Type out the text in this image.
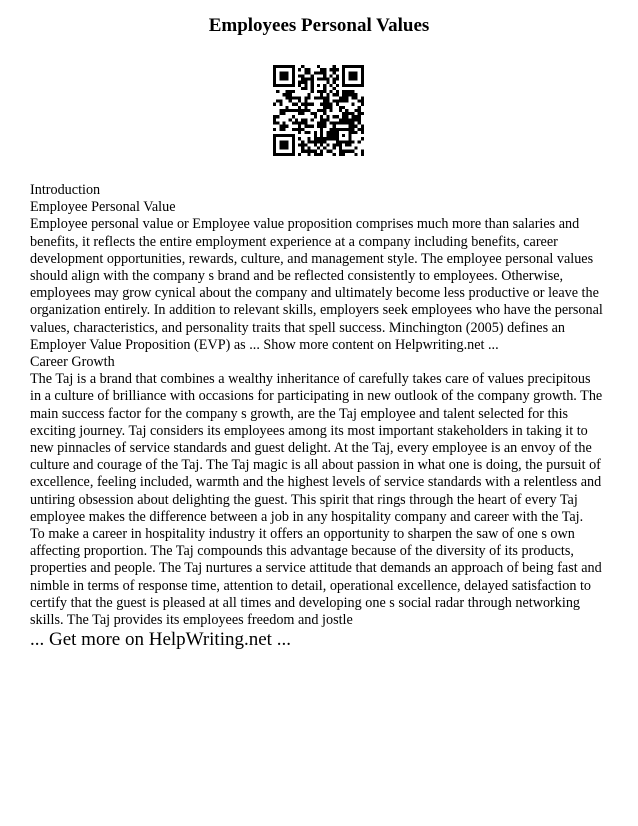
Employees Personal Values

Introduction

Employee Personal Value

Employee personal value or Employee value proposition comprises much more than salaries and benefits, it reflects the entire employment experience at a company including benefits, career development opportunities, rewards, culture, and management style. The employee personal values should align with the company s brand and be reflected consistently to employees. Otherwise, employees may grow cynical about the company and ultimately become less productive or leave the organization entirely. In addition to relevant skills, employers seek employees who have the personal values, characteristics, and personality traits that spell success. Minchington (2005) defines an Employer Value Proposition (EVP) as ... Show more content on Helpwriting.net ...

Career Growth

The Taj is a brand that combines a wealthy inheritance of carefully takes care of values precipitous in a culture of brilliance with occasions for participating in new outlook of the company growth. The main success factor for the company s growth, are the Taj employee and talent selected for this exciting journey. Taj considers its employees among its most important stakeholders in taking it to new pinnacles of service standards and guest delight. At the Taj, every employee is an envoy of the culture and courage of the Taj. The Taj magic is all about passion in what one is doing, the pursuit of excellence, feeling included, warmth and the highest levels of service standards with a relentless and untiring obsession about delighting the guest. This spirit that rings through the heart of every Taj employee makes the difference between a job in any hospitality company and career with the Taj.

To make a career in hospitality industry it offers an opportunity to sharpen the saw of one s own affecting proportion. The Taj compounds this advantage because of the diversity of its products, properties and people. The Taj nurtures a service attitude that demands an approach of being fast and nimble in terms of response time, attention to detail, operational excellence, delayed satisfaction to certify that the guest is pleased at all times and developing one s social radar through networking skills. The Taj provides its employees freedom and jostle

... Get more on HelpWriting.net ...
